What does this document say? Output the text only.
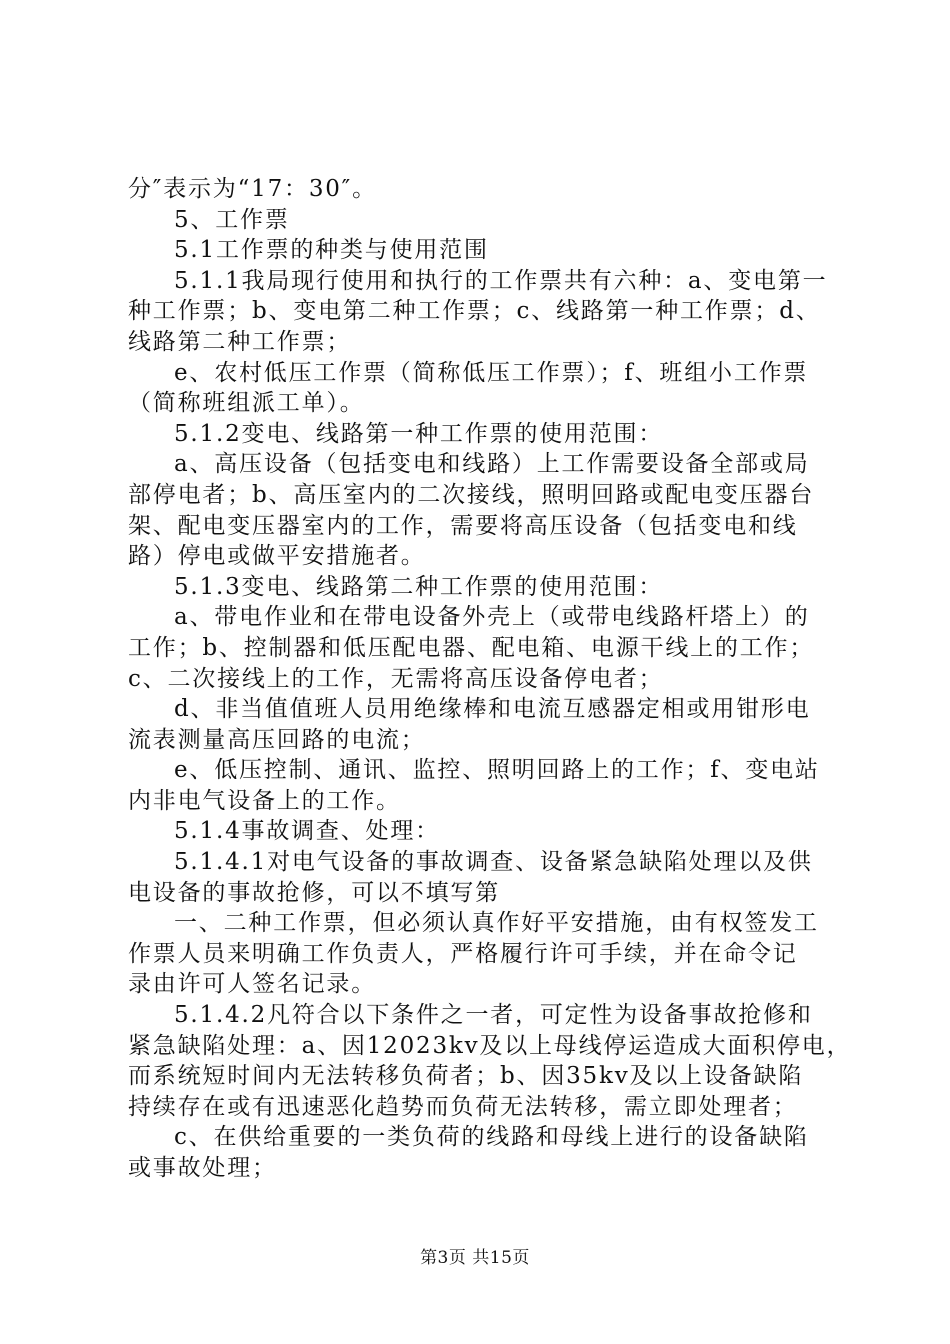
分″表示为“17：30″。
5、工作票
5.1工作票的种类与使用范围
5.1.1我局现行使用和执行的工作票共有六种：a、变电第一
种工作票；b、变电第二种工作票；c、线路第一种工作票；d、
线路第二种工作票；
e、农村低压工作票（简称低压工作票）；f、班组小工作票
（简称班组派工单）。
5.1.2变电、线路第一种工作票的使用范围：
a、高压设备（包括变电和线路）上工作需要设备全部或局
部停电者；b、高压室内的二次接线，照明回路或配电变压器台
架、配电变压器室内的工作，需要将高压设备（包括变电和线
路）停电或做平安措施者。
5.1.3变电、线路第二种工作票的使用范围：
a、带电作业和在带电设备外壳上（或带电线路杆塔上）的
工作；b、控制器和低压配电器、配电箱、电源干线上的工作；
c、二次接线上的工作，无需将高压设备停电者；
d、非当值值班人员用绝缘棒和电流互感器定相或用钳形电
流表测量高压回路的电流；
e、低压控制、通讯、监控、照明回路上的工作；f、变电站
内非电气设备上的工作。
5.1.4事故调查、处理：
5.1.4.1对电气设备的事故调查、设备紧急缺陷处理以及供
电设备的事故抢修，可以不填写第
一、二种工作票，但必须认真作好平安措施，由有权签发工
作票人员来明确工作负责人，严格履行许可手续，并在命令记
录由许可人签名记录。
5.1.4.2凡符合以下条件之一者，可定性为设备事故抢修和
紧急缺陷处理：a、因12023kv及以上母线停运造成大面积停电，
而系统短时间内无法转移负荷者；b、因35kv及以上设备缺陷
持续存在或有迅速恶化趋势而负荷无法转移，需立即处理者；
c、在供给重要的一类负荷的线路和母线上进行的设备缺陷
或事故处理；
第3页 共15页
